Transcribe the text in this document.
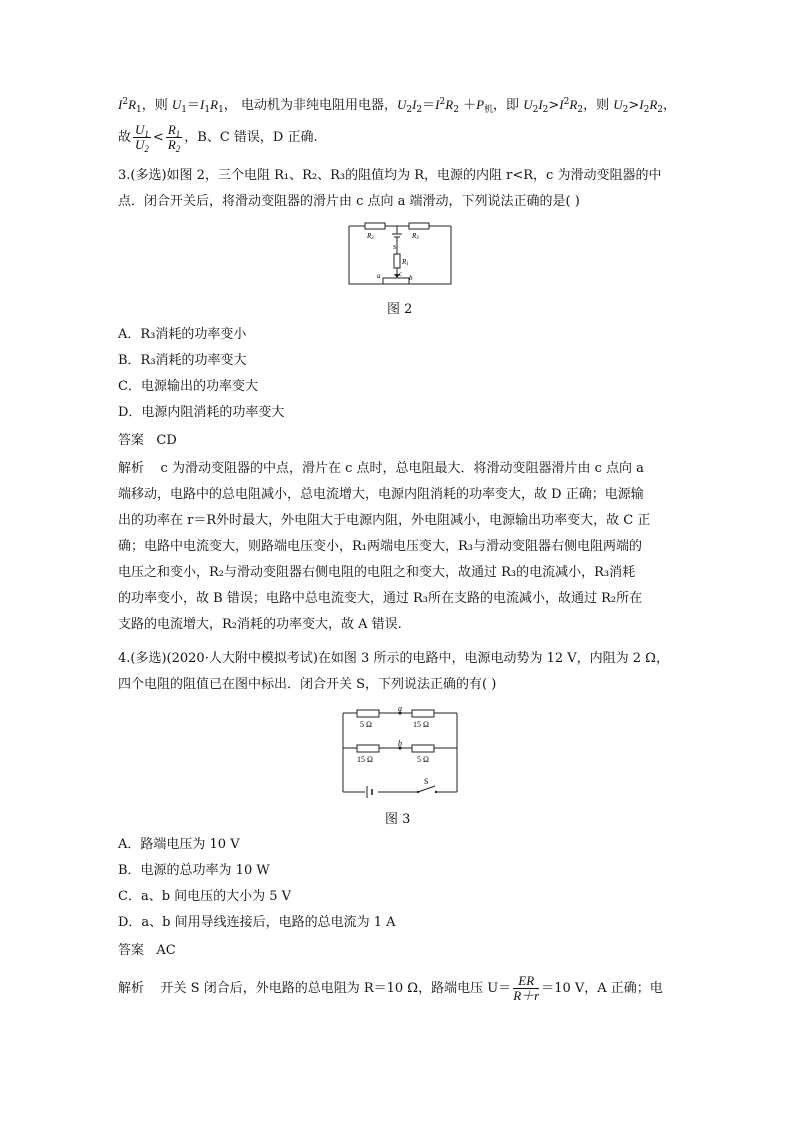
$I^2R_1$，则 $U_1=I_1R_1$， 电动机为非纯电阻用电器，$U_2I_2=I^2R_2 +P_机$，即 $U_2I_2>I^2R_2$，则 $U_2>I_2R_2$，
故 $\frac{U_1}{U_2} < \frac{R_1}{R_2}$ ，B、C 错误，D 正确.
3.(多选)如图 2，三个电阻 R₁、R₂、R₃的阻值均为 R，电源的内阻 r<R，c 为滑动变阻器的中
点．闭合开关后，将滑动变阻器的滑片由 c 点向 a 端滑动，下列说法正确的是( )
R2	R3
R1
S
a	b
c
图 2
A．R₃消耗的功率变小
B．R₃消耗的功率变大
C．电源输出的功率变大
D．电源内阻消耗的功率变大
答案 CD
解析 c 为滑动变阻器的中点，滑片在 c 点时，总电阻最大．将滑动变阻器滑片由 c 点向 a
端移动，电路中的总电阻减小，总电流增大，电源内阻消耗的功率变大，故 D 正确；电源输
出的功率在 r＝R外时最大，外电阻大于电源内阻，外电阻减小，电源输出功率变大，故 C 正
确；电路中电流变大，则路端电压变小，R₁两端电压变大，R₃与滑动变阻器右侧电阻两端的
电压之和变小，R₂与滑动变阻器右侧电阻的电阻之和变大，故通过 R₃的电流减小，R₃消耗
的功率变小，故 B 错误；电路中总电流变大，通过 R₃所在支路的电流减小，故通过 R₂所在
支路的电流增大，R₂消耗的功率变大，故 A 错误.
4.(多选)(2020·人大附中模拟考试)在如图 3 所示的电路中，电源电动势为 12 V，内阻为 2 Ω，
四个电阻的阻值已在图中标出．闭合开关 S，下列说法正确的有( )
5 Ω	15 Ω
15 Ω	5 Ω
a
b
S
图 3
A．路端电压为 10 V
B．电源的总功率为 10 W
C．a、b 间电压的大小为 5 V
D．a、b 间用导线连接后，电路的总电流为 1 A
答案 AC
解析 开关 S 闭合后，外电路的总电阻为 R＝10 Ω，路端电压 $U= \frac{ER}{R+r} =10$ V，A 正确；电
